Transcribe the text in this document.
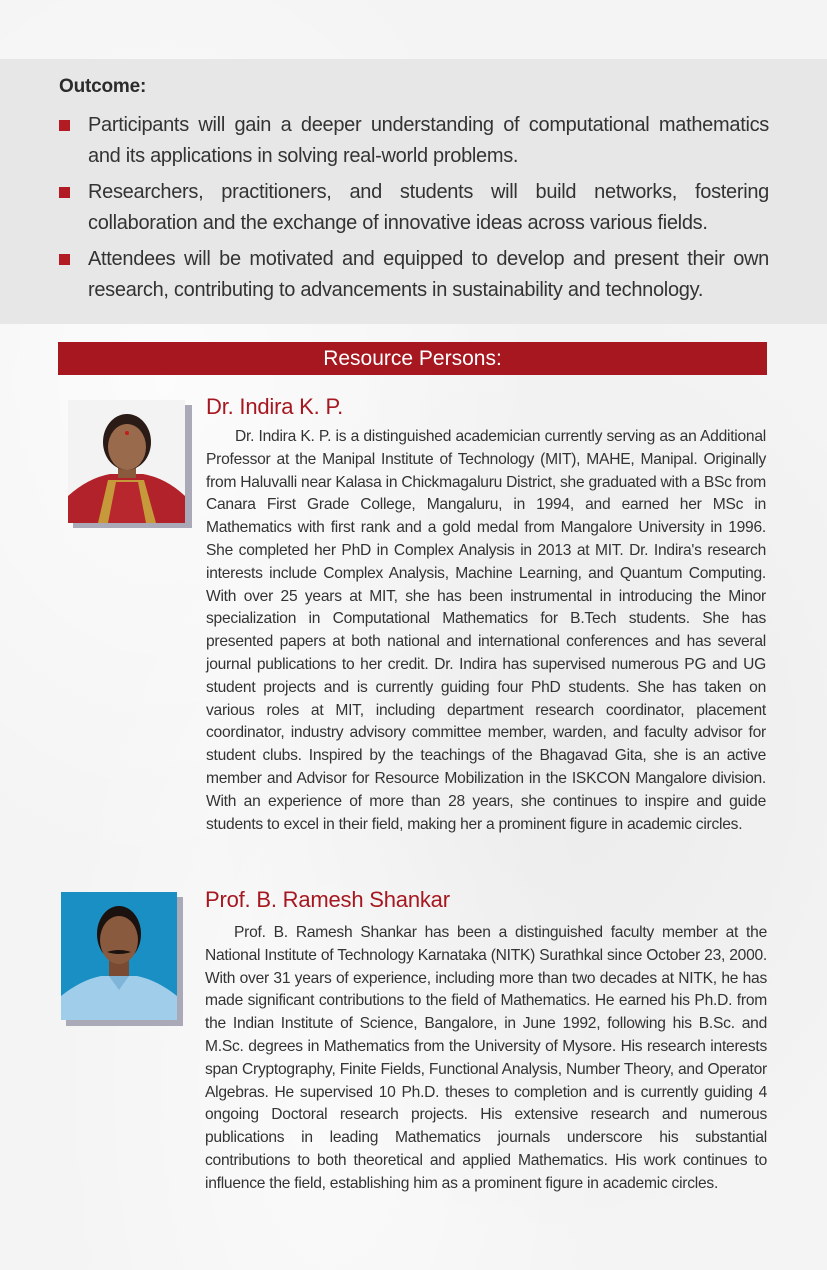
Outcome:
Participants will gain a deeper understanding of computational mathematics and its applications in solving real-world problems.
Researchers, practitioners, and students will build networks, fostering collaboration and the exchange of innovative ideas across various fields.
Attendees will be motivated and equipped to develop and present their own research, contributing to advancements in sustainability and technology.
Resource Persons:
Dr. Indira K. P.

Dr. Indira K. P. is a distinguished academician currently serving as an Additional Professor at the Manipal Institute of Technology (MIT), MAHE, Manipal. Originally from Haluvalli near Kalasa in Chickmagaluru District, she graduated with a BSc from Canara First Grade College, Mangaluru, in 1994, and earned her MSc in Mathematics with first rank and a gold medal from Mangalore University in 1996. She completed her PhD in Complex Analysis in 2013 at MIT. Dr. Indira's research interests include Complex Analysis, Machine Learning, and Quantum Computing. With over 25 years at MIT, she has been instrumental in introducing the Minor specialization in Computational Mathematics for B.Tech students. She has presented papers at both national and international conferences and has several journal publications to her credit. Dr. Indira has supervised numerous PG and UG student projects and is currently guiding four PhD students. She has taken on various roles at MIT, including department research coordinator, placement coordinator, industry advisory committee member, warden, and faculty advisor for student clubs. Inspired by the teachings of the Bhagavad Gita, she is an active member and Advisor for Resource Mobilization in the ISKCON Mangalore division. With an experience of more than 28 years, she continues to inspire and guide students to excel in their field, making her a prominent figure in academic circles.

Prof. B. Ramesh Shankar

Prof. B. Ramesh Shankar has been a distinguished faculty member at the National Institute of Technology Karnataka (NITK) Surathkal since October 23, 2000. With over 31 years of experience, including more than two decades at NITK, he has made significant contributions to the field of Mathematics. He earned his Ph.D. from the Indian Institute of Science, Bangalore, in June 1992, following his B.Sc. and M.Sc. degrees in Mathematics from the University of Mysore. His research interests span Cryptography, Finite Fields, Functional Analysis, Number Theory, and Operator Algebras. He supervised 10 Ph.D. theses to completion and is currently guiding 4 ongoing Doctoral research projects. His extensive research and numerous publications in leading Mathematics journals underscore his substantial contributions to both theoretical and applied Mathematics. His work continues to influence the field, establishing him as a prominent figure in academic circles.
